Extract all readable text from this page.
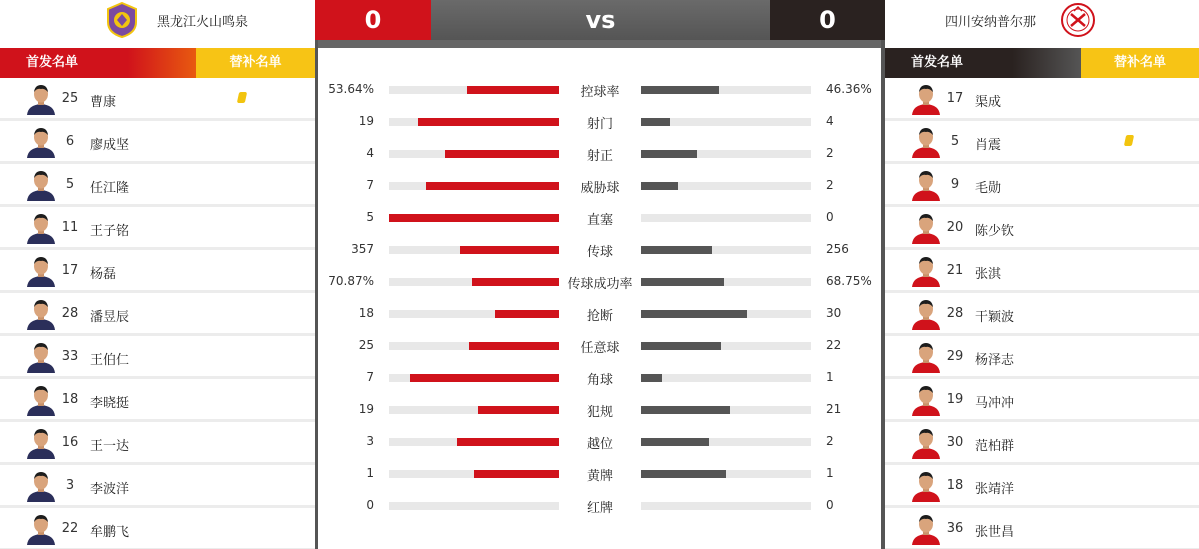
黑龙江火山鸣泉	0	vs	0	四川安纳普尔那
首发名单	替补名单
25 曹康
6	廖成坚
5	任江隆
11 王子铭
17 杨磊
28 潘昱辰
33 王伯仁
18 李晓挺
16 王一达
3	李波洋
22 牟鹏飞
53.64%	控球率	46.36%
19	射门	4
4	射正	2
7	威胁球	2
5	直塞	0
357	传球	256
70.87%	传球成功率	68.75%
18	抢断	30
25	任意球	22
7	角球	1
19	犯规	21
3	越位	2
1	黄牌	1
0	红牌	0
首发名单	替补名单
17 渠成
5	肖震
9	毛勋
20 陈少钦
21 张淇
28 干颖波
29 杨泽志
19 马冲冲
30 范柏群
18 张靖洋
36 张世昌
